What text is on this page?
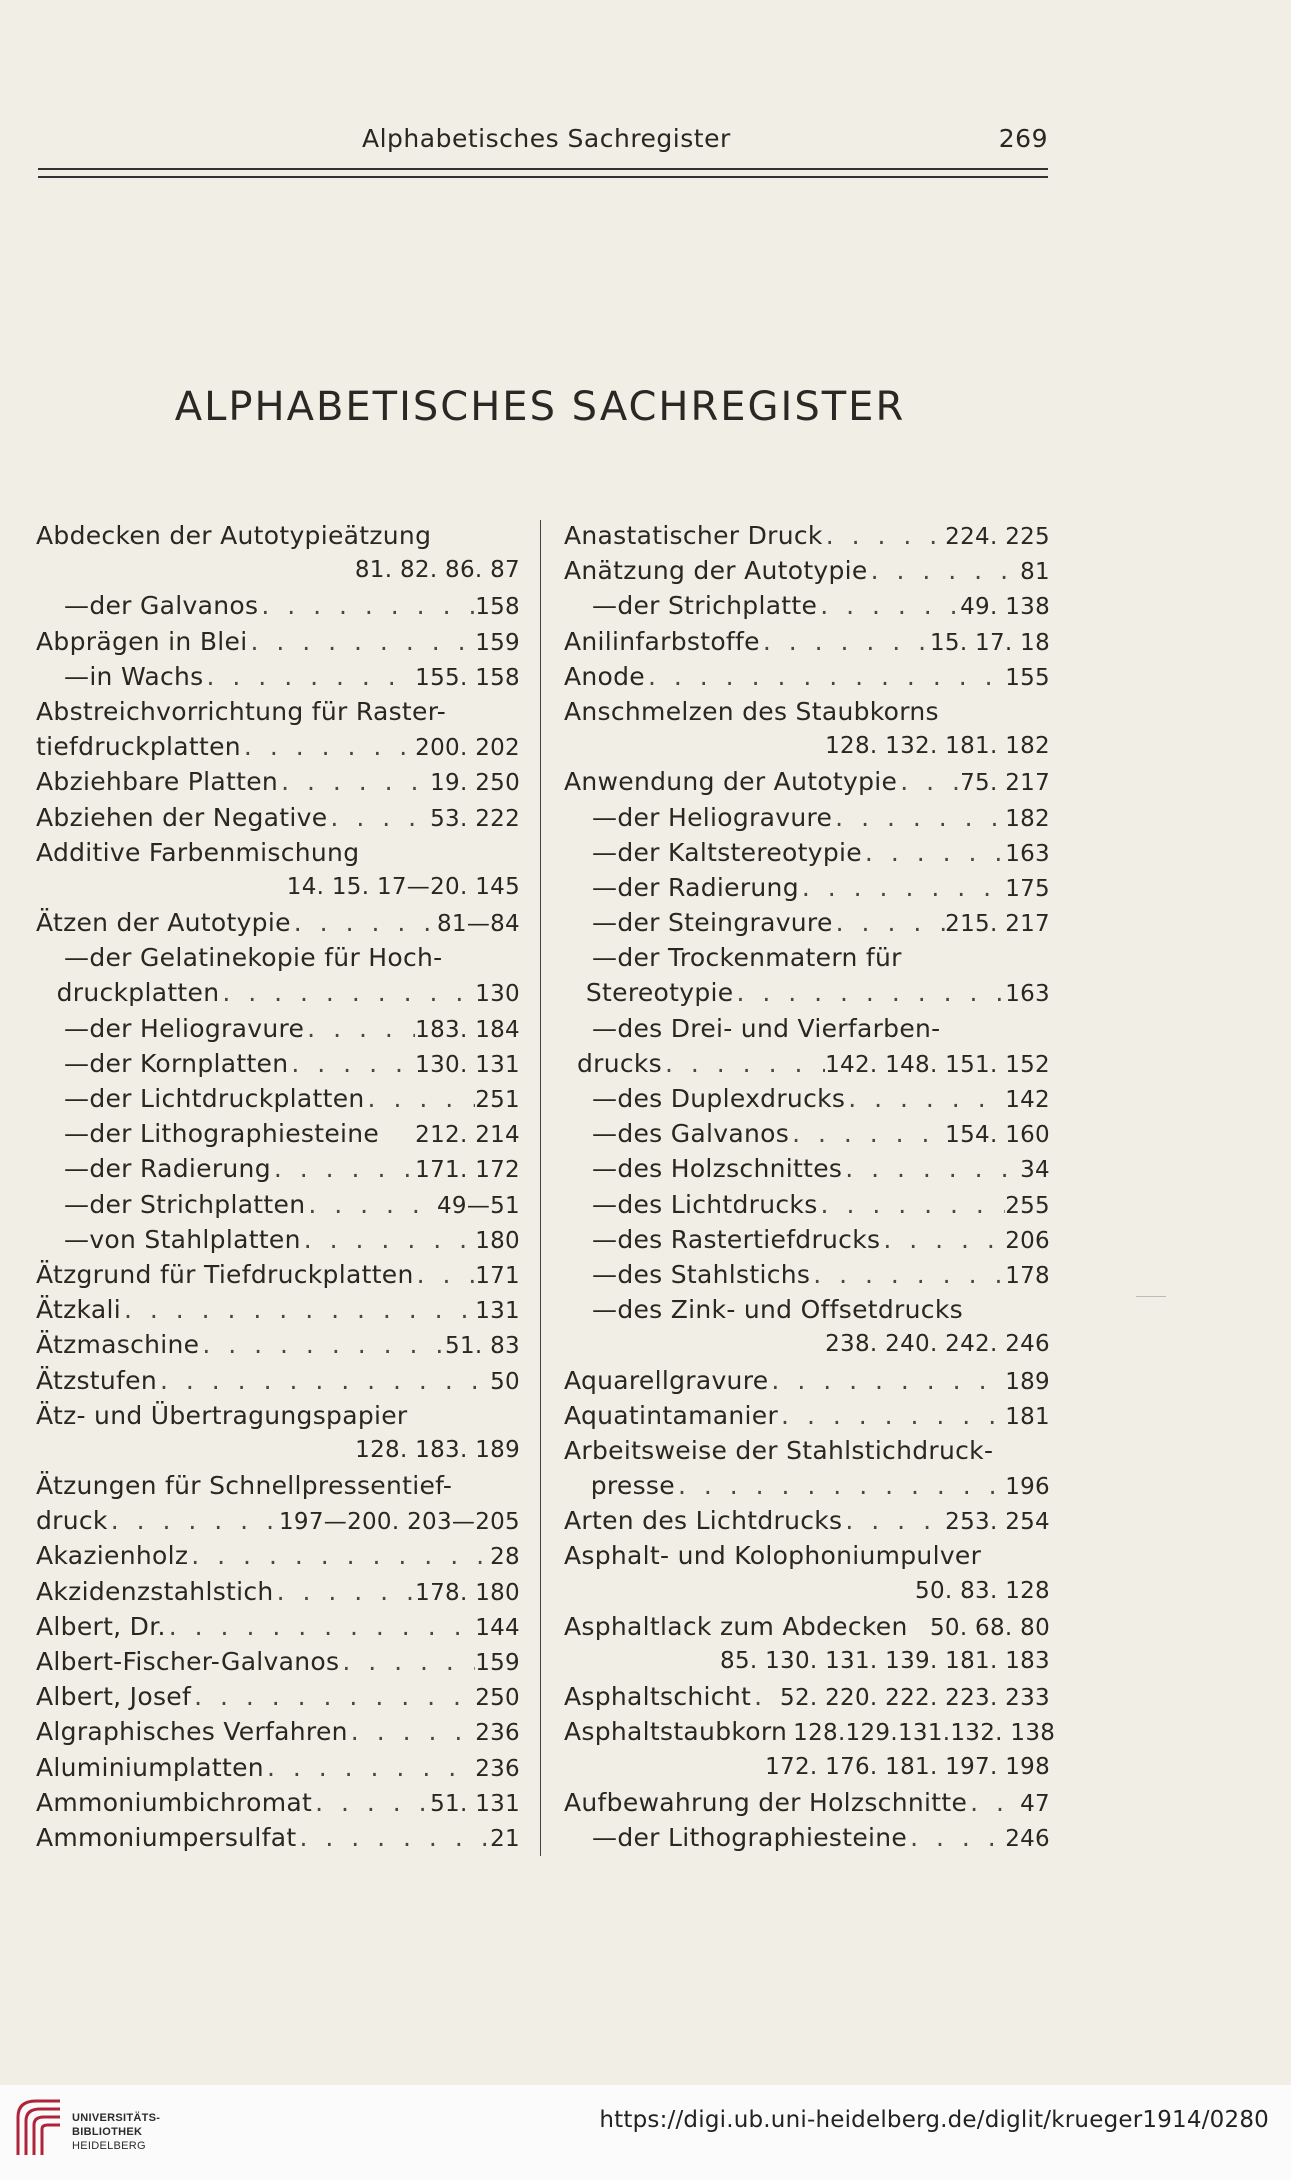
Alphabetisches Sachregister	269
ALPHABETISCHES SACHREGISTER
Abdecken der Autotypieätzung
81. 82. 86. 87
— der Galvanos . . .	158
Abprägen in Blei . . .	159
— in Wachs . . .	155. 158
Abstreichvorrichtung für Raster-
tiefdruckplatten . . .	200. 202
Abziehbare Platten . . .	19. 250
Abziehen der Negative . . .	53. 222
Additive Farbenmischung
14. 15. 17—20. 145
Ätzen der Autotypie . . .	81—84
— der Gelatinekopie für Hoch-
druckplatten . . .	130
— der Heliogravure . . .	183. 184
— der Kornplatten . . .	130. 131
— der Lichtdruckplatten . . .	251
— der Lithographiesteine 212. 214
— der Radierung . . .	171. 172
— der Strichplatten . . .	49—51
— von Stahlplatten . . .	180
Ätzgrund für Tiefdruckplatten . . .	171
Ätzkali . . .	131
Ätzmaschine . . .	51. 83
Ätzstufen . . .	50
Ätz- und Übertragungspapier
128. 183. 189
Ätzungen für Schnellpressentief-
druck . . .	197—200. 203—205
Akazienholz . . .	28
Akzidenzstahlstich . . .	178. 180
Albert, Dr. . . .	144
Albert-Fischer-Galvanos . . .	159
Albert, Josef . . .	250
Algraphisches Verfahren . . .	236
Aluminiumplatten . . .	236
Ammoniumbichromat . . .	51. 131
Ammoniumpersulfat . . .	21
Anastatischer Druck . . .	224. 225
Anätzung der Autotypie . . .	81
— der Strichplatte . . .	49. 138
Anilinfarbstoffe . . .	15. 17. 18
Anode . . .	155
Anschmelzen des Staubkorns
128. 132. 181. 182
Anwendung der Autotypie . . .	75. 217
— der Heliogravure . . .	182
— der Kaltstereotypie . . .	163
— der Radierung . . .	175
— der Steingravure . . .	215. 217
— der Trockenmatern für
Stereotypie . . .	163
— des Drei- und Vierfarben-
drucks . . .	142. 148. 151. 152
— des Duplexdrucks . . .	142
— des Galvanos . . .	154. 160
— des Holzschnittes . . .	34
— des Lichtdrucks . . .	255
— des Rastertiefdrucks . . .	206
— des Stahlstichs . . .	178
— des Zink- und Offsetdrucks
238. 240. 242. 246
Aquarellgravure . . .	189
Aquatintamanier . . .	181
Arbeitsweise der Stahlstichdruck-
presse . . .	196
Arten des Lichtdrucks . . .	253. 254
Asphalt- und Kolophoniumpulver
50. 83. 128
Asphaltlack zum Abdecken 50. 68. 80
85. 130. 131. 139. 181. 183
Asphaltschicht . . . 52. 220. 222. 223. 233
Asphaltstaubkorn 128.129.131.132. 138
172. 176. 181. 197. 198
Aufbewahrung der Holzschnitte . . . 47
— der Lithographiesteine . . .	246
UNIVERSITÄTS-
BIBLIOTHEK
HEIDELBERG
https://digi.ub.uni-heidelberg.de/diglit/krueger1914/0280
